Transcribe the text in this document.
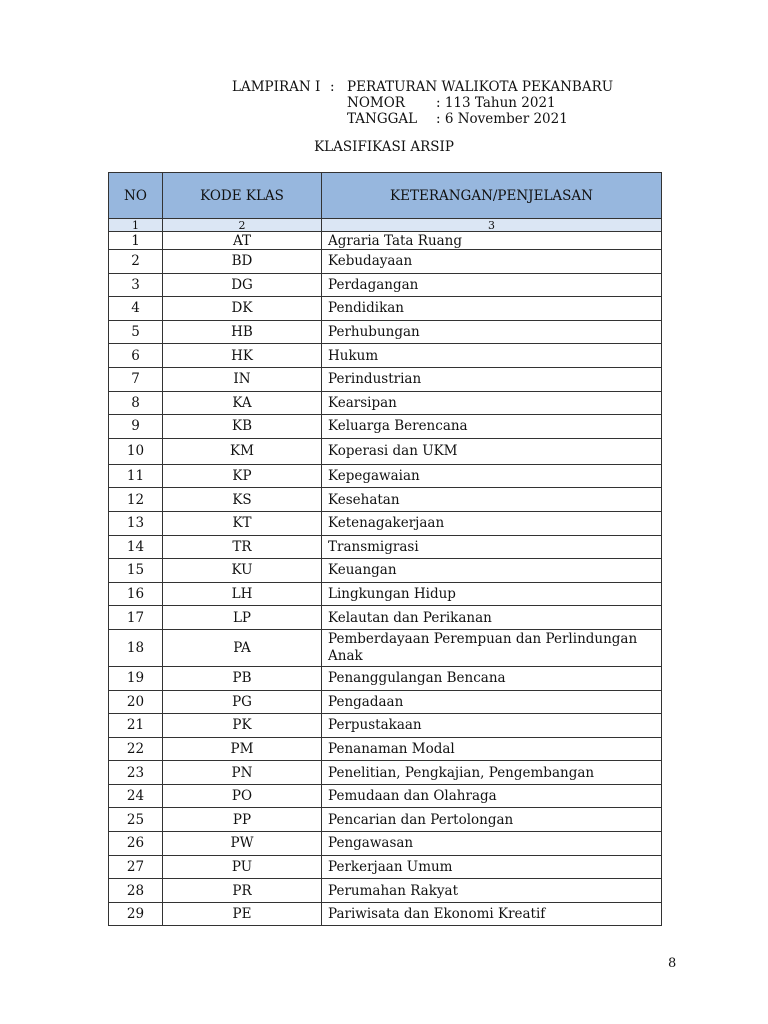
LAMPIRAN I : PERATURAN WALIKOTA PEKANBARU
NOMOR : 113 Tahun 2021
TANGGAL : 6 November 2021
KLASIFIKASI ARSIP
NO	KODE KLAS	KETERANGAN/PENJELASAN
1	2	3
1	AT	Agraria Tata Ruang
2	BD	Kebudayaan
3	DG	Perdagangan
4	DK	Pendidikan
5	HB	Perhubungan
6	HK	Hukum
7	IN	Perindustrian
8	KA	Kearsipan
9	KB	Keluarga Berencana
10	KM	Koperasi dan UKM
11	KP	Kepegawaian
12	KS	Kesehatan
13	KT	Ketenagakerjaan
14	TR	Transmigrasi
15	KU	Keuangan
16	LH	Lingkungan Hidup
17	LP	Kelautan dan Perikanan
18	PA	Pemberdayaan Perempuan dan Perlindungan Anak
19	PB	Penanggulangan Bencana
20	PG	Pengadaan
21	PK	Perpustakaan
22	PM	Penanaman Modal
23	PN	Penelitian, Pengkajian, Pengembangan
24	PO	Pemudaan dan Olahraga
25	PP	Pencarian dan Pertolongan
26	PW	Pengawasan
27	PU	Perkerjaan Umum
28	PR	Perumahan Rakyat
29	PE	Pariwisata dan Ekonomi Kreatif
8
